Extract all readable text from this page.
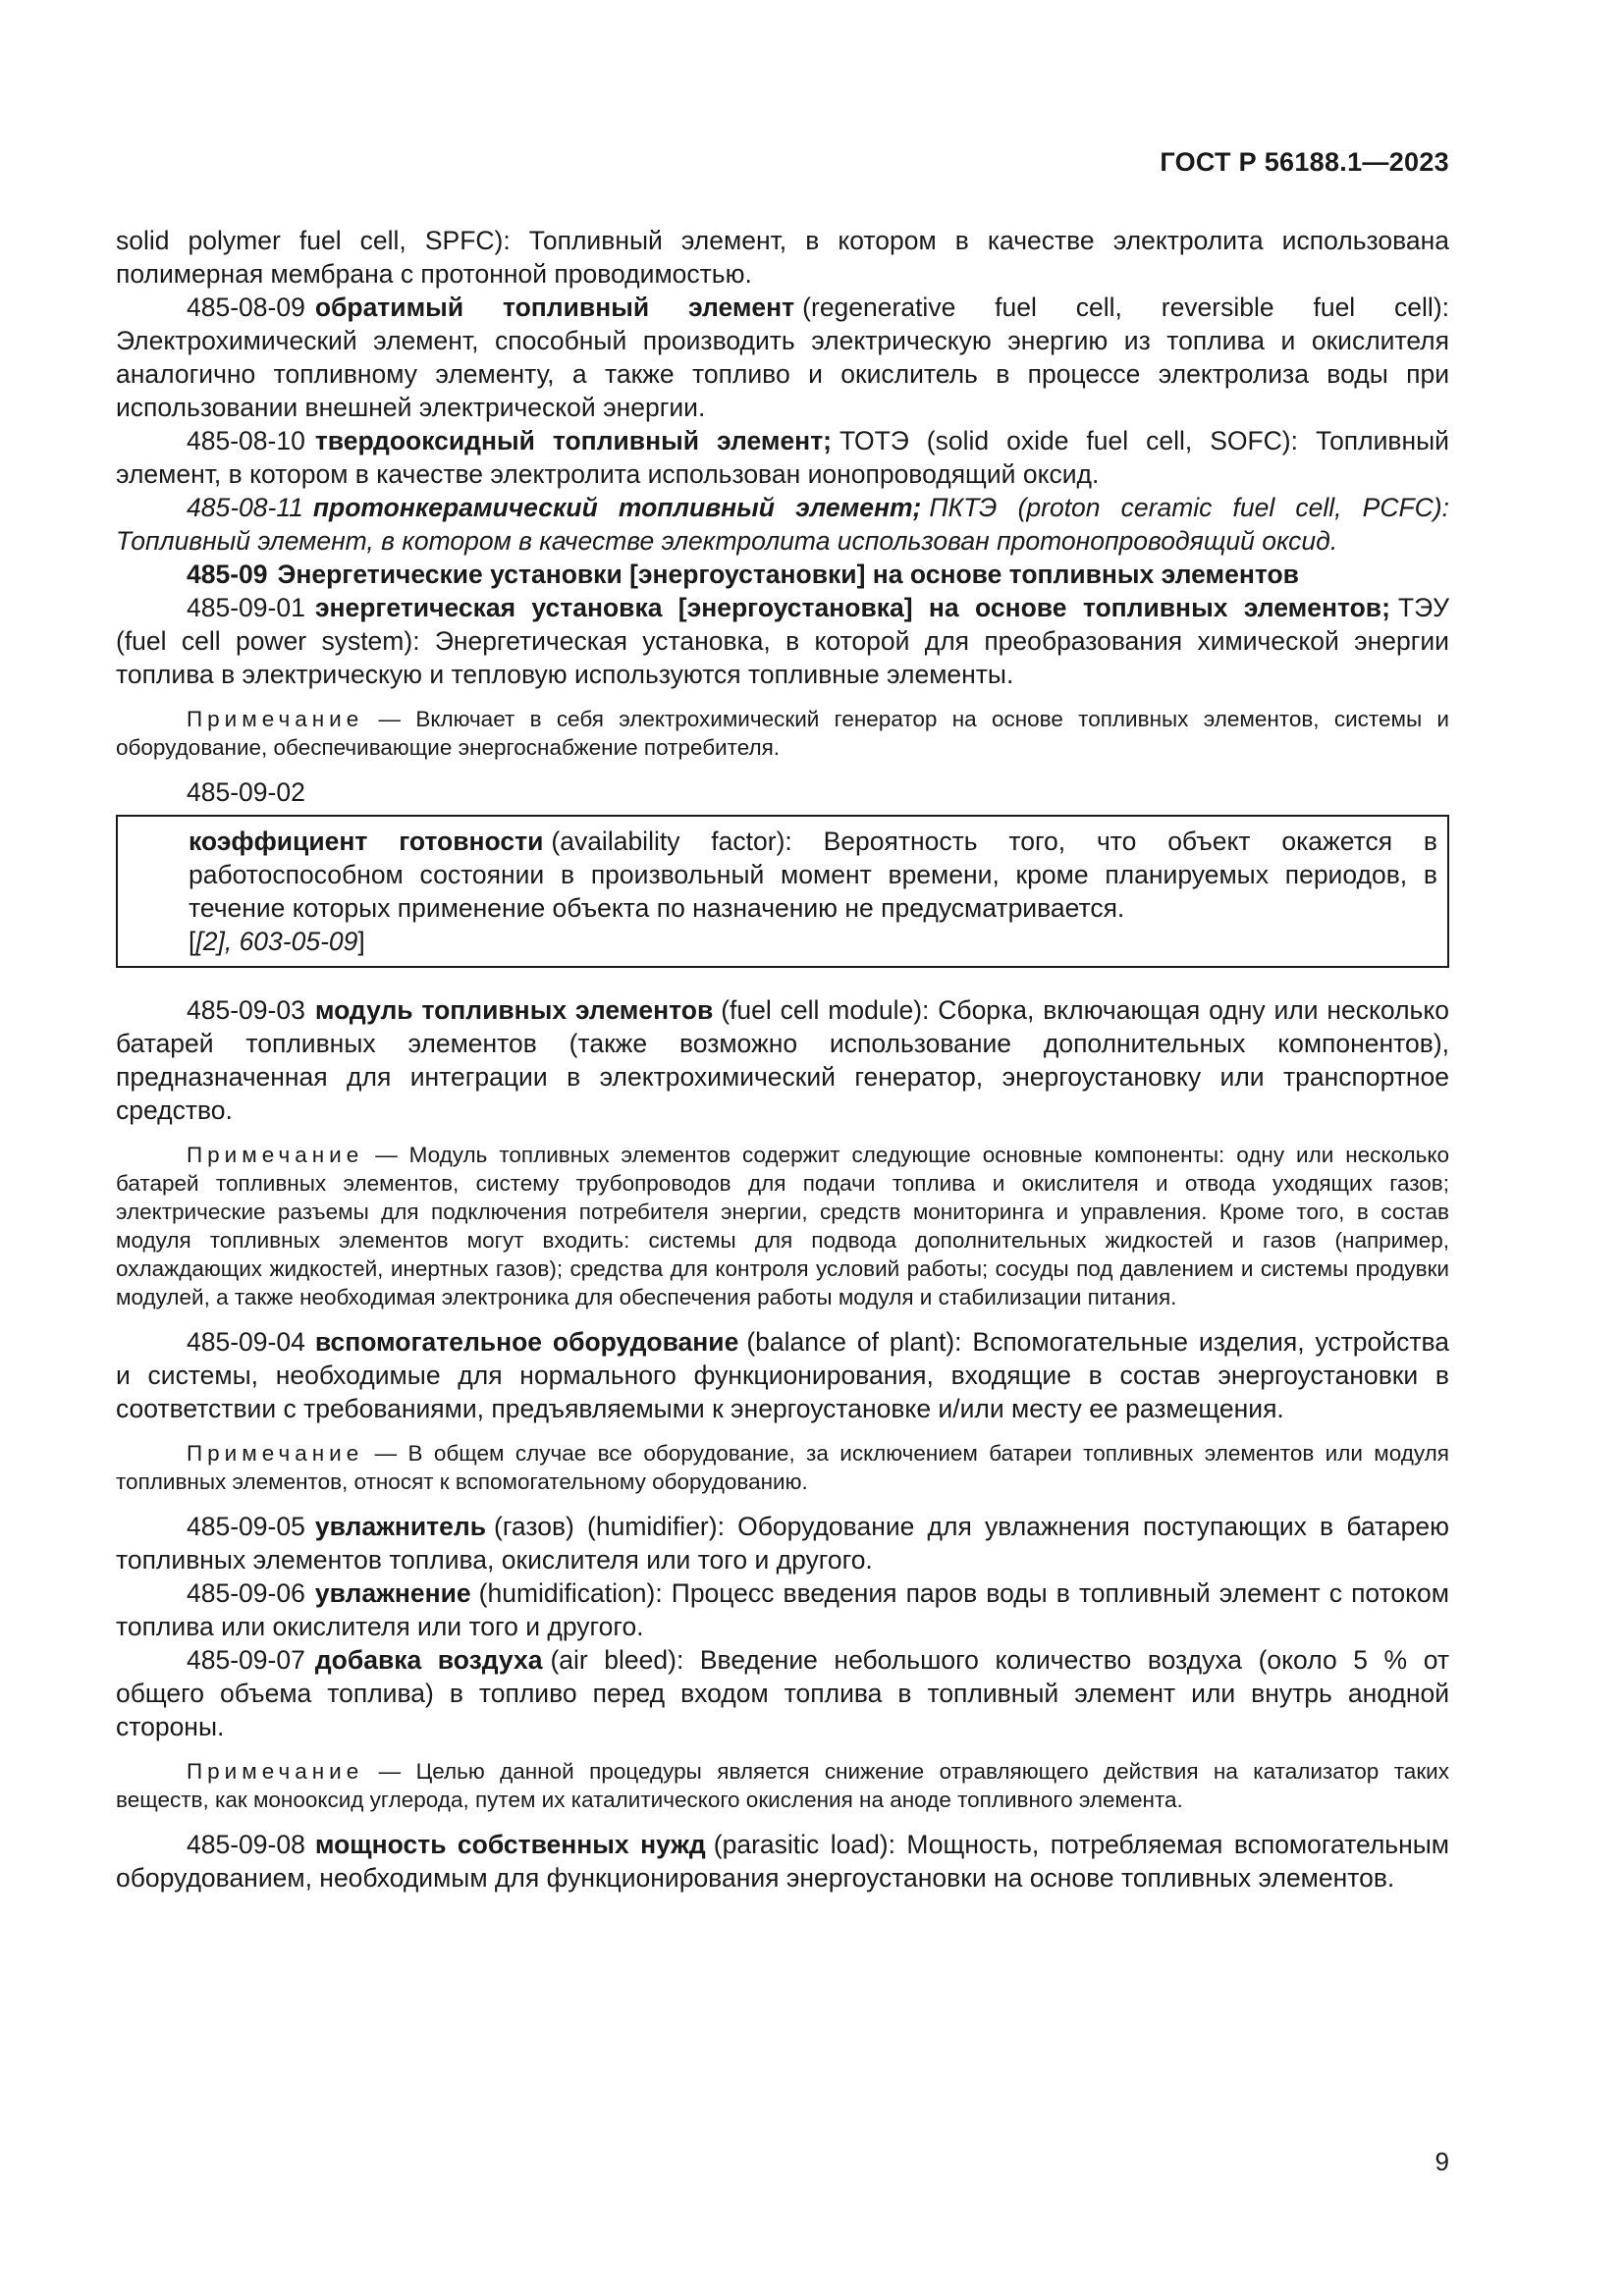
ГОСТ Р 56188.1—2023

solid polymer fuel cell, SPFC): Топливный элемент, в котором в качестве электролита использована полимерная мембрана с протонной проводимостью.

485-08-09 обратимый топливный элемент (regenerative fuel cell, reversible fuel cell): Электрохимический элемент, способный производить электрическую энергию из топлива и окислителя аналогично топливному элементу, а также топливо и окислитель в процессе электролиза воды при использовании внешней электрической энергии.

485-08-10 твердооксидный топливный элемент; ТОТЭ (solid oxide fuel cell, SOFC): Топливный элемент, в котором в качестве электролита использован ионопроводящий оксид.

485-08-11 протонкерамический топливный элемент; ПКТЭ (proton ceramic fuel cell, PCFC): Топливный элемент, в котором в качестве электролита использован протонопроводящий оксид.

485-09 Энергетические установки [энергоустановки] на основе топливных элементов

485-09-01 энергетическая установка [энергоустановка] на основе топливных элементов; ТЭУ (fuel cell power system): Энергетическая установка, в которой для преобразования химической энергии топлива в электрическую и тепловую используются топливные элементы.

Примечание — Включает в себя электрохимический генератор на основе топливных элементов, системы и оборудование, обеспечивающие энергоснабжение потребителя.

485-09-02

коэффициент готовности (availability factor): Вероятность того, что объект окажется в работоспособном состоянии в произвольный момент времени, кроме планируемых периодов, в течение которых применение объекта по назначению не предусматривается.

[[2], 603-05-09]

485-09-03 модуль топливных элементов (fuel cell module): Сборка, включающая одну или несколько батарей топливных элементов (также возможно использование дополнительных компонентов), предназначенная для интеграции в электрохимический генератор, энергоустановку или транспортное средство.

Примечание — Модуль топливных элементов содержит следующие основные компоненты: одну или несколько батарей топливных элементов, систему трубопроводов для подачи топлива и окислителя и отвода уходящих газов; электрические разъемы для подключения потребителя энергии, средств мониторинга и управления. Кроме того, в состав модуля топливных элементов могут входить: системы для подвода дополнительных жидкостей и газов (например, охлаждающих жидкостей, инертных газов); средства для контроля условий работы; сосуды под давлением и системы продувки модулей, а также необходимая электроника для обеспечения работы модуля и стабилизации питания.

485-09-04 вспомогательное оборудование (balance of plant): Вспомогательные изделия, устройства и системы, необходимые для нормального функционирования, входящие в состав энергоустановки в соответствии с требованиями, предъявляемыми к энергоустановке и/или месту ее размещения.

Примечание — В общем случае все оборудование, за исключением батареи топливных элементов или модуля топливных элементов, относят к вспомогательному оборудованию.

485-09-05 увлажнитель (газов) (humidifier): Оборудование для увлажнения поступающих в батарею топливных элементов топлива, окислителя или того и другого.

485-09-06 увлажнение (humidification): Процесс введения паров воды в топливный элемент с потоком топлива или окислителя или того и другого.

485-09-07 добавка воздуха (air bleed): Введение небольшого количество воздуха (около 5 % от общего объема топлива) в топливо перед входом топлива в топливный элемент или внутрь анодной стороны.

Примечание — Целью данной процедуры является снижение отравляющего действия на катализатор таких веществ, как монооксид углерода, путем их каталитического окисления на аноде топливного элемента.

485-09-08 мощность собственных нужд (parasitic load): Мощность, потребляемая вспомогательным оборудованием, необходимым для функционирования энергоустановки на основе топливных элементов.

9
